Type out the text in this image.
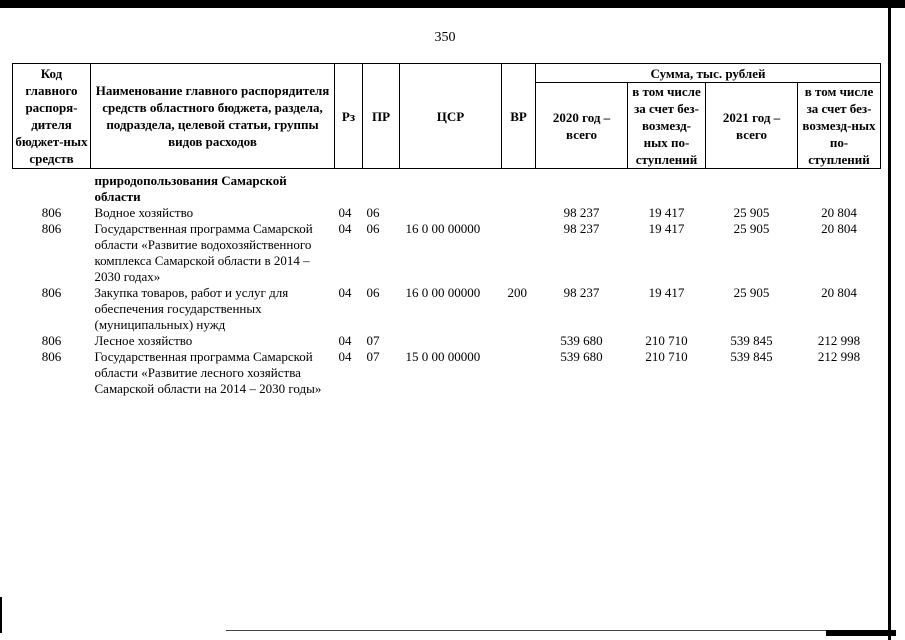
350
Код главного распоря-дителя бюджет-ных средств	Наименование главного распорядителя средств областного бюджета, раздела, подраздела, целевой статьи, группы видов расходов	Рз	ПР	ЦСР	ВР	Сумма, тыс. рублей			
						2020 год – всего	в том числе за счет без-возмезд-ных по-ступлений	2021 год – всего	в том числе за счет без-возмезд-ных по-ступлений
	природопользования Самарской области								
806	Водное хозяйство	04	06			98 237	19 417	25 905	20 804
806	Государственная программа Самарской области «Развитие водохозяйственного комплекса Самарской области в 2014 – 2030 годах»	04	06	16 0 00 00000		98 237	19 417	25 905	20 804
806	Закупка товаров, работ и услуг для обеспечения государственных (муниципальных) нужд	04	06	16 0 00 00000	200	98 237	19 417	25 905	20 804
806	Лесное хозяйство	04	07			539 680	210 710	539 845	212 998
806	Государственная программа Самарской области «Развитие лесного хозяйства Самарской области на 2014 – 2030 годы»	04	07	15 0 00 00000		539 680	210 710	539 845	212 998
